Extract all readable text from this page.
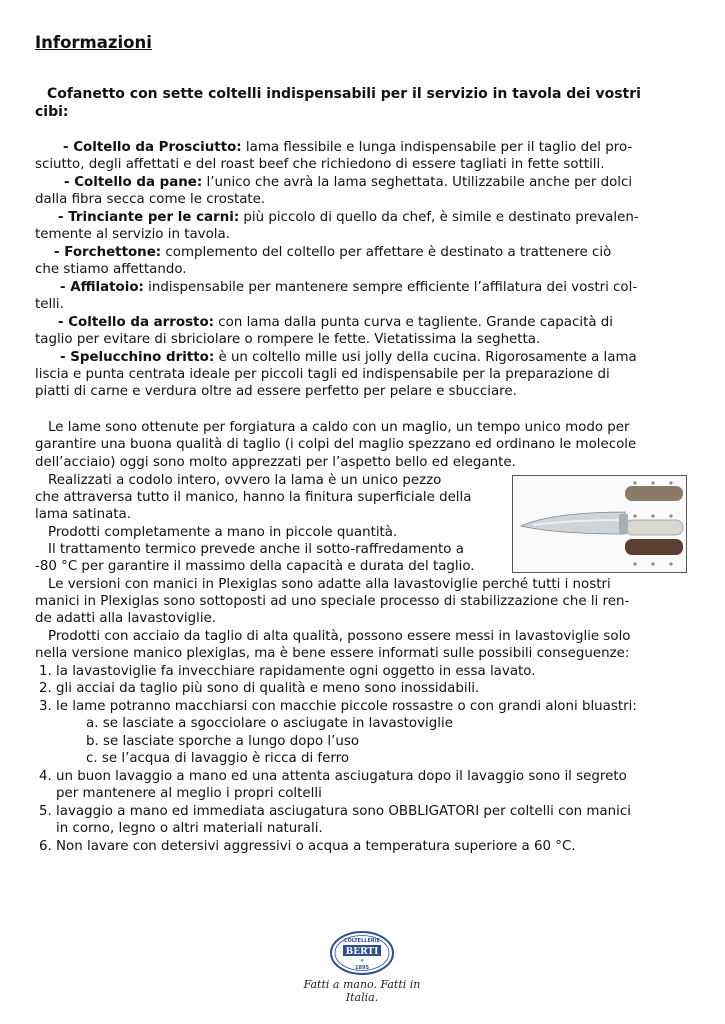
Informazioni
Cofanetto con sette coltelli indispensabili per il servizio in tavola dei vostri
cibi:
- Coltello da Prosciutto: lama flessibile e lunga indispensabile per il taglio del pro-
sciutto, degli affettati e del roast beef che richiedono di essere tagliati in fette sottili.
- Coltello da pane: l’unico che avrà la lama seghettata. Utilizzabile anche per dolci
dalla fibra secca come le crostate.
- Trinciante per le carni: più piccolo di quello da chef, è simile e destinato prevalen-
temente al servizio in tavola.
- Forchettone: complemento del coltello per affettare è destinato a trattenere ciò
che stiamo affettando.
- Affilatoio: indispensabile per mantenere sempre efficiente l’affilatura dei vostri col-
telli.
- Coltello da arrosto: con lama dalla punta curva e tagliente. Grande capacità di
taglio per evitare di sbriciolare o rompere le fette. Vietatissima la seghetta.
- Spelucchino dritto: è un coltello mille usi jolly della cucina. Rigorosamente a lama
liscia e punta centrata ideale per piccoli tagli ed indispensabile per la preparazione di
piatti di carne e verdura oltre ad essere perfetto per pelare e sbucciare.
Le lame sono ottenute per forgiatura a caldo con un maglio, un tempo unico modo per
garantire una buona qualità di taglio (i colpi del maglio spezzano ed ordinano le molecole
dell’acciaio) oggi sono molto apprezzati per l’aspetto bello ed elegante.
Realizzati a codolo intero, ovvero la lama è un unico pezzo
che attraversa tutto il manico, hanno la finitura superficiale della
lama satinata.
Prodotti completamente a mano in piccole quantità.
Il trattamento termico prevede anche il sotto-raffredamento a
-80 °C per garantire il massimo della capacità e durata del taglio.
Le versioni con manici in Plexiglas sono adatte alla lavastoviglie perché tutti i nostri
manici in Plexiglas sono sottoposti ad uno speciale processo di stabilizzazione che li ren-
de adatti alla lavastoviglie.
Prodotti con acciaio da taglio di alta qualità, possono essere messi in lavastoviglie solo
nella versione manico plexiglas, ma è bene essere informati sulle possibili conseguenze:
1. la lavastoviglie fa invecchiare rapidamente ogni oggetto in essa lavato.
2. gli acciai da taglio più sono di qualità e meno sono inossidabili.
3. le lame potranno macchiarsi con macchie piccole rossastre o con grandi aloni bluastri:
a. se lasciate a sgocciolare o asciugate in lavastoviglie
b. se lasciate sporche a lungo dopo l’uso
c. se l’acqua di lavaggio è ricca di ferro
4. un buon lavaggio a mano ed una attenta asciugatura dopo il lavaggio sono il segreto
per mantenere al meglio i propri coltelli
5. lavaggio a mano ed immediata asciugatura sono OBBLIGATORI per coltelli con manici
in corno, legno o altri materiali naturali.
6. Non lavare con detersivi aggressivi o acqua a temperatura superiore a 60 °C.
COLTELLERIE
BERTI
✳
1895
Fatti a mano. Fatti in Italia.
